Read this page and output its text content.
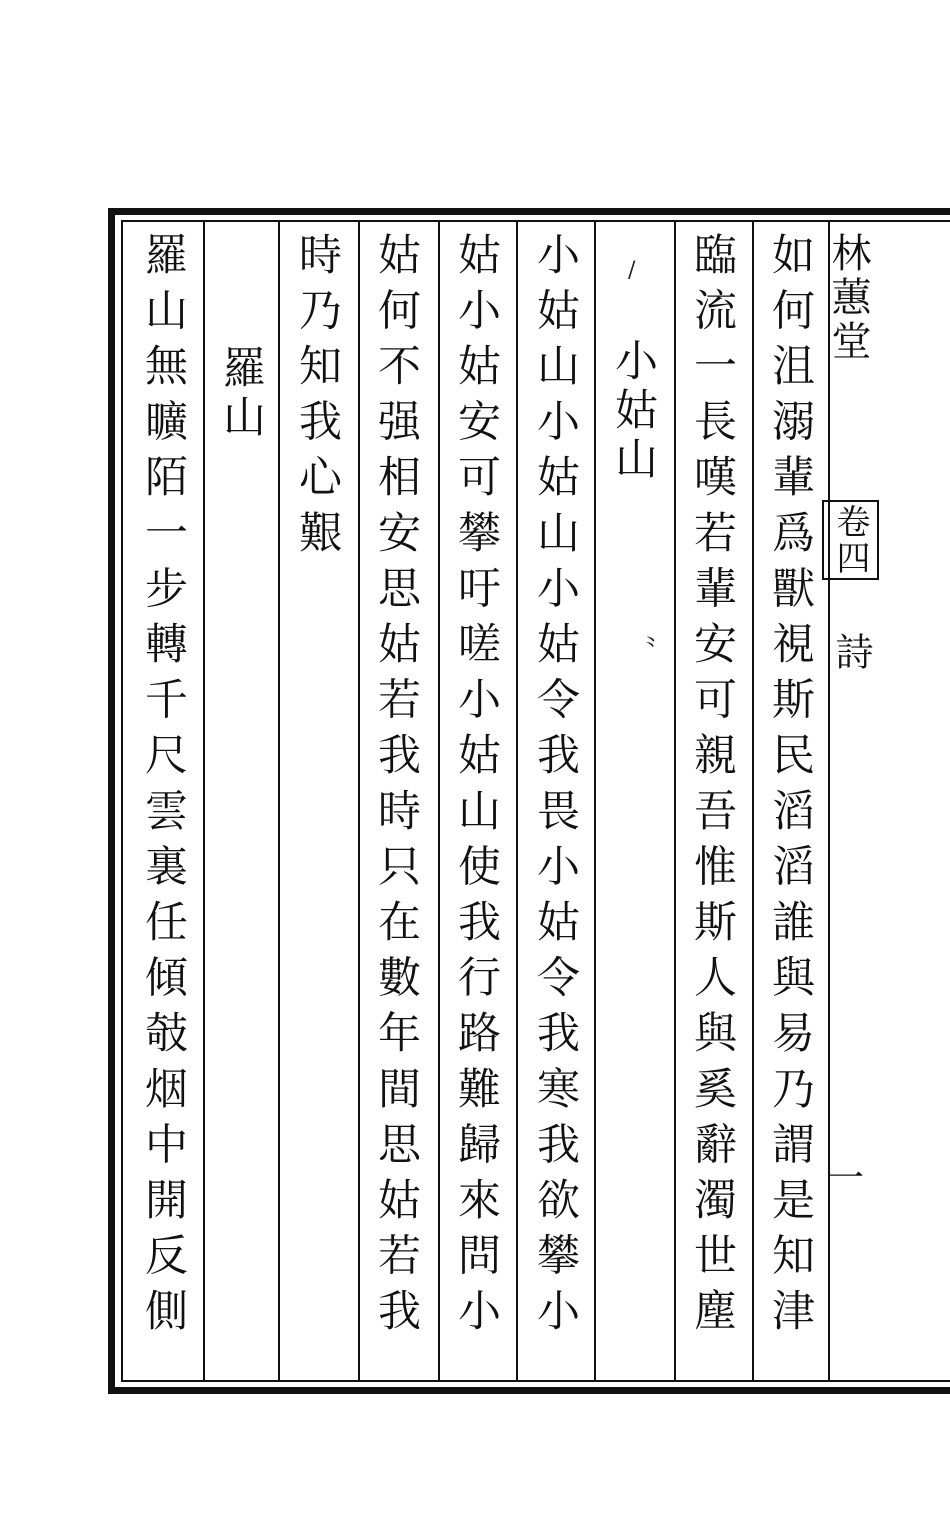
如何沮溺輩爲獸視斯民滔滔誰與易乃謂是知津
臨流一長嘆若輩安可親吾惟斯人與奚辭濁世塵
小姑山
小姑山小姑山小姑令我畏小姑令我寒我欲攀小
姑小姑安可攀吁嗟小姑山使我行路難歸來問小
姑何不强相安思姑若我時只在數年間思姑若我
時乃知我心艱
羅山
羅山無曠陌一步轉千尺雲裏任傾攲烟中開反側	/
⺀
林蕙堂
卷四
詩
一
